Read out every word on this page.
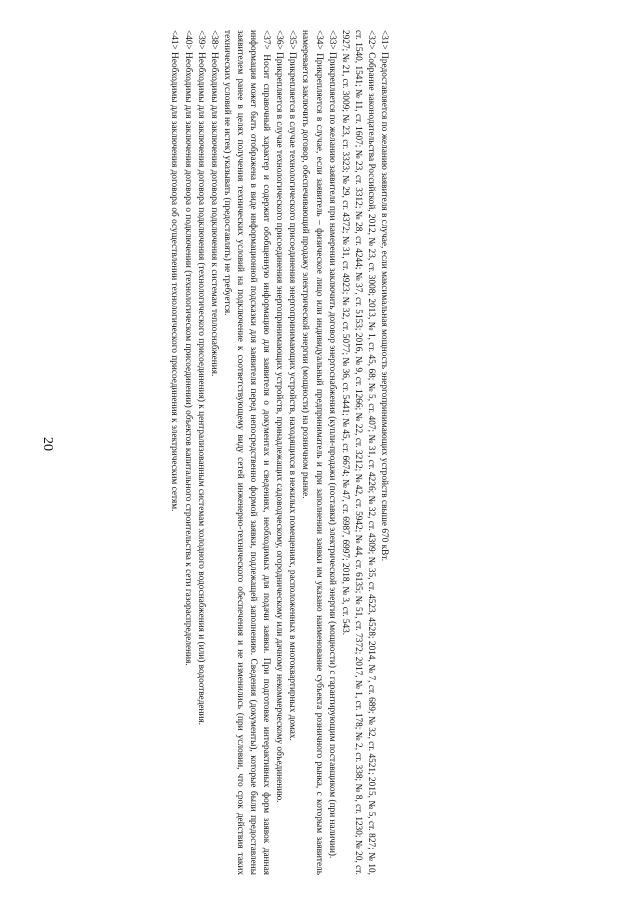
20

<31> Предоставляется по желанию заявителя в случае, если максимальная мощность энергопринимающих устройств свыше 670 кВт.

<32> Собрание законодательства Российской, 2012, № 23, ст. 3008; 2013, № 1, ст. 45, 68; № 5, ст. 407; № 31, ст. 4226; № 32, ст. 4309; № 35, ст. 4523, 4528; 2014, № 7, ст. 689; № 32, ст. 4521; 2015, № 5, ст. 827; № 10, ст. 1540, 1541; № 11, ст. 1607; № 23, ст. 3312; № 28, ст. 4244; № 37, ст. 5153; 2016, № 9, ст. 1266; № 22, ст. 3212; № 42, ст. 5942; № 44, ст. 6135; № 51, ст. 7372; 2017, № 1, ст. 178; № 2, ст. 338; № 8, ст. 1230; № 20, ст. 2927; № 21, ст. 3009; № 23, ст. 3323; № 29, ст. 4372; № 31, ст. 4923; № 32, ст. 5077; № 36, ст. 5441; № 45, ст. 6674; № 47, ст. 6987, 6997; 2018, № 3, ст. 543.

<33> Прикрепляется по желанию заявителя при намерении заключить договор энергоснабжения (купли-продажи (поставки) электрической энергии (мощности) с гарантирующим поставщиком (при наличии).

<34> Прикрепляется в случае, если заявитель – физическое лицо или индивидуальный предприниматель и при заполнении заявки им указано наименование субъекта розничного рынка, с которым заявитель намеревается заключить договор, обеспечивающий продажу электрической энергии (мощности) на розничном рынке.

<35> Прикрепляется в случае технологического присоединения энергопринимающих устройств, находящихся в нежилых помещениях, расположенных в многоквартирных домах.

<36> Прикрепляется в случае технологического присоединения энергопринимающих устройств, принадлежащих садоводческому, огородническому или дачному некоммерческому объединению.

<37> Носит справочный характер и содержит обобщенную информацию для заявителя о документах и сведениях, необходимых для подачи заявки. При подготовке интерактивных форм заявок данная информация может быть отображена в виде информационной подсказки для заявителя перед непосредственно формой заявки, подлежащей заполнению. Сведения (документы), которые были предоставлены заявителем ранее в целях получения технических условий на подключение к соответствующему виду сетей инженерно-технического обеспечения и не изменились (при условии, что срок действия таких технических условий не истек) указывать (предоставлять) не требуется.

<38> Необходимы для заключения договора подключения к системам теплоснабжения.

<39> Необходимы для заключения договора подключения (технологического присоединения) к централизованным системам холодного водоснабжения и (или) водоотведения.

<40> Необходимы для заключения договора о подключении (технологическом присоединении) объектов капитального строительства к сети газораспределения.

<41> Необходимы для заключения договора об осуществлении технологического присоединения к электрическим сетям.
